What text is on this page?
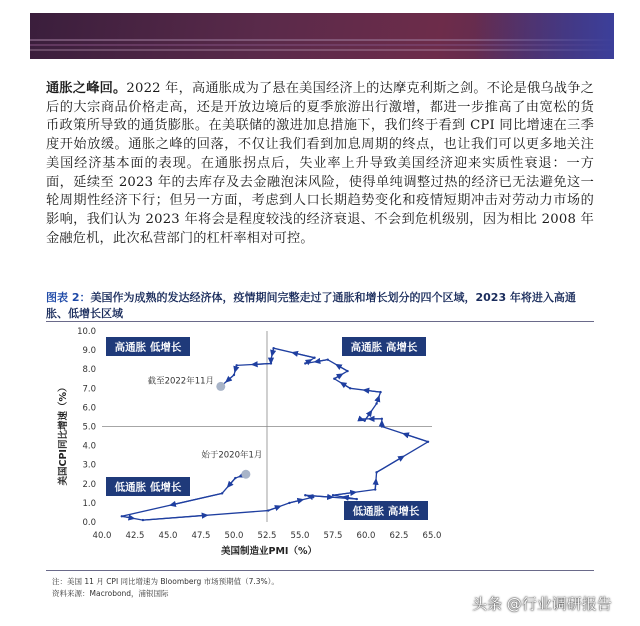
通胀之峰回。2022 年，高通胀成为了悬在美国经济上的达摩克利斯之剑。不论是俄乌战争之后的大宗商品价格走高，还是开放边境后的夏季旅游出行激增，都进一步推高了由宽松的货币政策所导致的通货膨胀。在美联储的激进加息措施下，我们终于看到 CPI 同比增速在三季度开始放缓。通胀之峰的回落，不仅让我们看到加息周期的终点，也让我们可以更多地关注美国经济基本面的表现。在通胀拐点后，失业率上升导致美国经济迎来实质性衰退：一方面，延续至 2023 年的去库存及去金融泡沫风险，使得单纯调整过热的经济已无法避免这一轮周期性经济下行；但另一方面，考虑到人口长期趋势变化和疫情短期冲击对劳动力市场的影响，我们认为 2023 年将会是程度较浅的经济衰退、不会到危机级别，因为相比 2008 年金融危机，此次私营部门的杠杆率相对可控。
图表 2：美国作为成熟的发达经济体，疫情期间完整走过了通胀和增长划分的四个区域，2023 年将进入高通胀、低增长区域
美国CPI同比增速（%）
美国制造业PMI（%）
0.0
1.0
2.0
3.0
4.0
5.0
6.0
7.0
8.0
9.0
10.0
40.0 42.5 45.0 47.5 50.0 52.5 55.0 57.5 60.0 62.5 65.0
高通胀 低增长	高通胀 高增长
低通胀 低增长
低通胀 高增长
始于2020年1月
截至2022年11月
注：美国 11 月 CPI 同比增速为 Bloomberg 市场预期值（7.3%）。
资料来源：Macrobond，浦银国际
头条 @行业调研报告
